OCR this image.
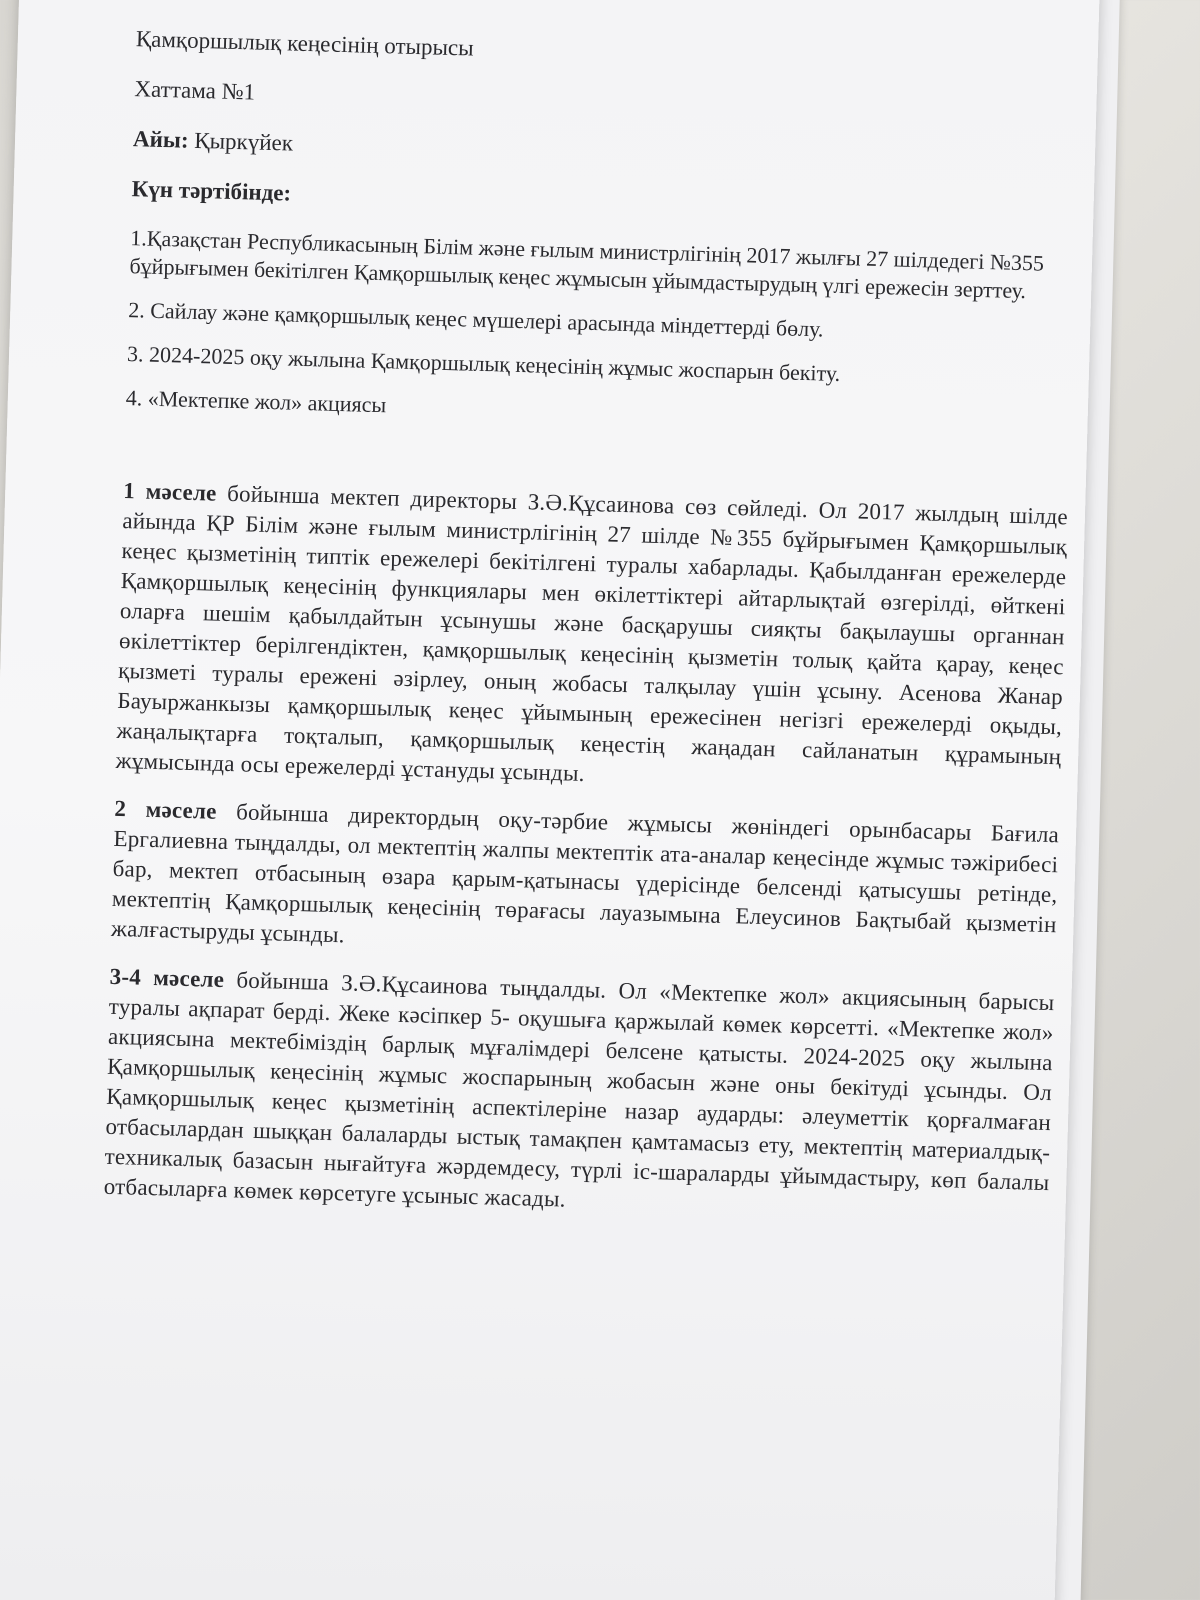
Қамқоршылық кеңесінің отырысы

Хаттама №1

Айы: Қыркүйек

Күн тәртібінде:

1.Қазақстан Республикасының Білім және ғылым министрлігінің 2017 жылғы 27 шілдедегі №355 бұйрығымен бекітілген Қамқоршылық кеңес жұмысын ұйымдастырудың үлгі ережесін зерттеу.

2. Сайлау және қамқоршылық кеңес мүшелері арасында міндеттерді бөлу.

3. 2024-2025 оқу жылына Қамқоршылық кеңесінің жұмыс жоспарын бекіту.

4. «Мектепке жол» акциясы

1 мәселе бойынша мектеп директоры З.Ә.Құсаинова сөз сөйледі. Ол 2017 жылдың шілде айында ҚР Білім және ғылым министрлігінің 27 шілде №355 бұйрығымен Қамқоршылық кеңес қызметінің типтік ережелері бекітілгені туралы хабарлады. Қабылданған ережелерде Қамқоршылық кеңесінің функциялары мен өкілеттіктері айтарлықтай өзгерілді, өйткені оларға шешім қабылдайтын ұсынушы және басқарушы сияқты бақылаушы органнан өкілеттіктер берілгендіктен, қамқоршылық кеңесінің қызметін толық қайта қарау, кеңес қызметі туралы ережені әзірлеу, оның жобасы талқылау үшін ұсыну. Асенова Жанар Бауыржанкызы қамқоршылық кеңес ұйымының ережесінен негізгі ережелерді оқыды, жаңалықтарға тоқталып, қамқоршылық кеңестің жаңадан сайланатын құрамының жұмысында осы ережелерді ұстануды ұсынды.

2 мәселе бойынша директордың оқу-тәрбие жұмысы жөніндегі орынбасары Бағила Ергалиевна тыңдалды, ол мектептің жалпы мектептік ата-аналар кеңесінде жұмыс тәжірибесі бар, мектеп отбасының өзара қарым-қатынасы үдерісінде белсенді қатысушы ретінде, мектептің Қамқоршылық кеңесінің төрағасы лауазымына Елеусинов Бақтыбай қызметін жалғастыруды ұсынды.

3-4 мәселе бойынша З.Ә.Құсаинова тыңдалды. Ол «Мектепке жол» акциясының барысы туралы ақпарат берді. Жеке кәсіпкер 5- оқушыға қаржылай көмек көрсетті. «Мектепке жол» акциясына мектебіміздің барлық мұғалімдері белсене қатысты. 2024-2025 оқу жылына Қамқоршылық кеңесінің жұмыс жоспарының жобасын және оны бекітуді ұсынды. Ол Қамқоршылық кеңес қызметінің аспектілеріне назар аударды: әлеуметтік қорғалмаған отбасылардан шыққан балаларды ыстық тамақпен қамтамасыз ету, мектептің материалдық-техникалық базасын нығайтуға жәрдемдесу, түрлі іс-шараларды ұйымдастыру, көп балалы отбасыларға көмек көрсетуге ұсыныс жасады.
